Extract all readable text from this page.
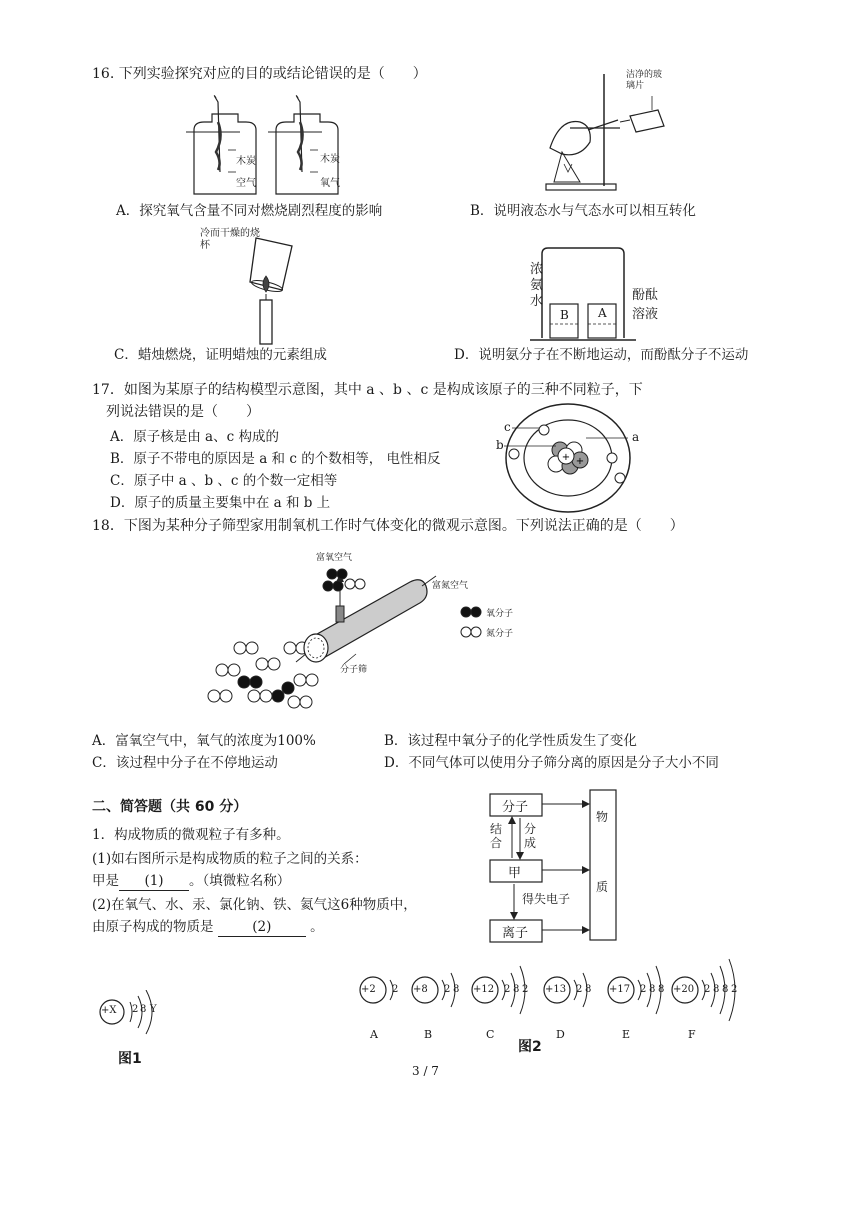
16. 下列实验探究对应的目的或结论错误的是（　　）
木炭
空气
木炭
氧气
A．探究氧气含量不同对燃烧剧烈程度的影响
洁净的玻璃片
B．说明液态水与气态水可以相互转化
冷而干燥的烧杯
C．蜡烛燃烧，证明蜡烛的元素组成
浓氨水	酚酞溶液
B A
D．说明氨分子在不断地运动，而酚酞分子不运动
17．如图为某原子的结构模型示意图，其中 a 、b 、c 是构成该原子的三种不同粒子，下
列说法错误的是（　　）
A．原子核是由 a、c 构成的
B．原子不带电的原因是 a 和 c 的个数相等， 电性相反
C．原子中 a 、b 、c 的个数一定相等
D．原子的质量主要集中在 a 和 b 上
+ +
c
a
b
18．下图为某种分子筛型家用制氧机工作时气体变化的微观示意图。下列说法正确的是（　　）
富氧空气
富氮空气
分子筛
氧分子
氮分子
A．富氧空气中，氧气的浓度为100%	B．该过程中氧分子的化学性质发生了变化
C．该过程中分子在不停地运动	D．不同气体可以使用分子筛分离的原因是分子大小不同
二、简答题（共 60 分）
1．构成物质的微观粒子有多种。
(1)如右图所示是构成物质的粒子之间的关系：
甲是 (1) 。（填微粒名称）
(2)在氧气、水、汞、氯化钠、铁、氦气这6种物质中，
由原子构成的物质是	(2)	。
分子
结合
分成
甲
得失电子
离子
物
质
+X 2 8 Y
图1
+2 2
A
+8 2 8
B
+12 2 8 2
C
+13 2 8
D
+17 2 8 8
E
+20 2 8 8 2
F
图2
3 / 7
